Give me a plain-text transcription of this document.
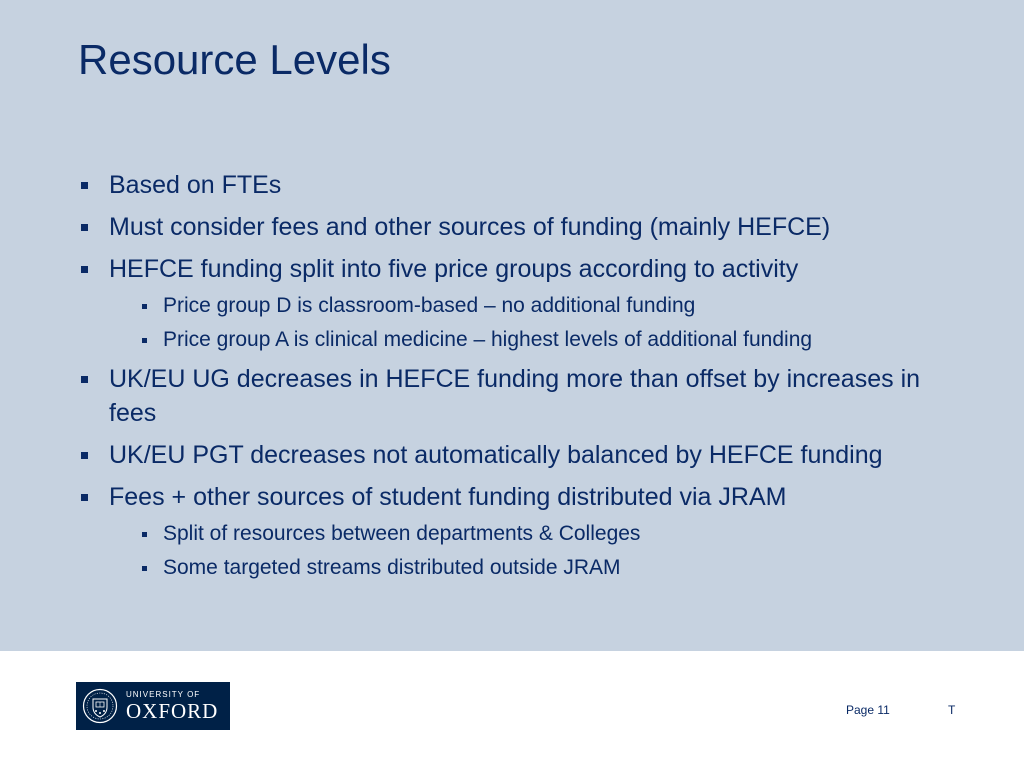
Resource Levels
Based on FTEs
Must consider fees and other sources of funding (mainly HEFCE)
HEFCE funding split into five price groups according to activity
Price group D is classroom-based – no additional funding
Price group A is clinical medicine – highest levels of additional funding
UK/EU UG decreases in HEFCE funding more than offset by increases in fees
UK/EU PGT decreases not automatically balanced by HEFCE funding
Fees + other sources of student funding distributed via JRAM
Split of resources between departments & Colleges
Some targeted streams distributed outside JRAM
UNIVERSITY OF
OXFORD	Page 11	T
